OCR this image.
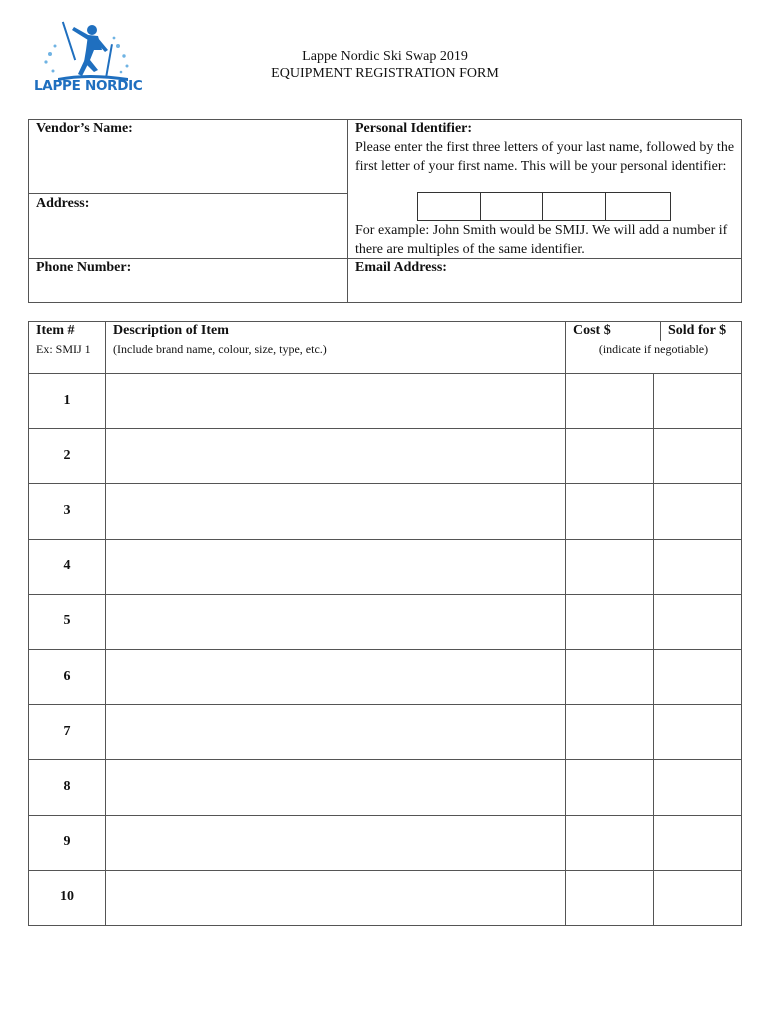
LAPPE NORDIC
Lappe Nordic Ski Swap 2019
EQUIPMENT REGISTRATION FORM
Vendor’s Name:
Address:
Phone Number:
Personal Identifier:
Please enter the first three letters of your last name, followed by the first letter of your first name. This will be your personal identifier:
For example: John Smith would be SMIJ. We will add a number if there are multiples of the same identifier.
Email Address:
Item #
Ex: SMIJ 1
Description of Item
(Include brand name, colour, size, type, etc.)
Cost $	Sold for $
(indicate if negotiable)
1
2
3
4
5
6
7
8
9
10
